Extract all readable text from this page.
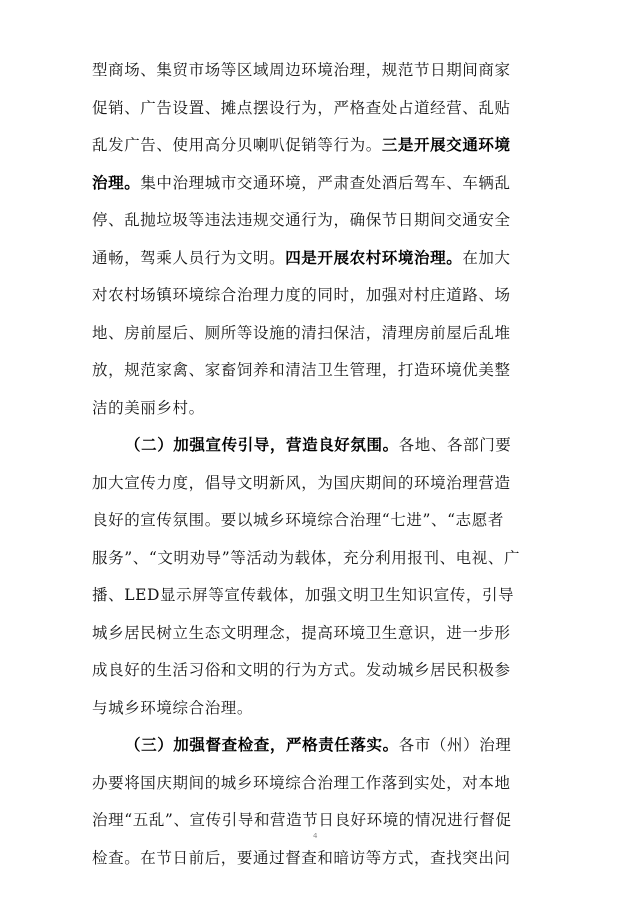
型商场、集贸市场等区域周边环境治理，规范节日期间商家
促销、广告设置、摊点摆设行为，严格查处占道经营、乱贴
乱发广告、使用高分贝喇叭促销等行为。三是开展交通环境
治理。集中治理城市交通环境，严肃查处酒后驾车、车辆乱
停、乱抛垃圾等违法违规交通行为，确保节日期间交通安全
通畅，驾乘人员行为文明。四是开展农村环境治理。在加大
对农村场镇环境综合治理力度的同时，加强对村庄道路、场
地、房前屋后、厕所等设施的清扫保洁，清理房前屋后乱堆
放，规范家禽、家畜饲养和清洁卫生管理，打造环境优美整
洁的美丽乡村。
（二）加强宣传引导，营造良好氛围。各地、各部门要
加大宣传力度，倡导文明新风，为国庆期间的环境治理营造
良好的宣传氛围。要以城乡环境综合治理“七进”、“志愿者
服务”、“文明劝导”等活动为载体，充分利用报刊、电视、广
播、LED显示屏等宣传载体，加强文明卫生知识宣传，引导
城乡居民树立生态文明理念，提高环境卫生意识，进一步形
成良好的生活习俗和文明的行为方式。发动城乡居民积极参
与城乡环境综合治理。
（三）加强督查检查，严格责任落实。各市（州）治理
办要将国庆期间的城乡环境综合治理工作落到实处，对本地
治理“五乱”、宣传引导和营造节日良好环境的情况进行督促
检查。在节日前后，要通过督查和暗访等方式，查找突出问
4
